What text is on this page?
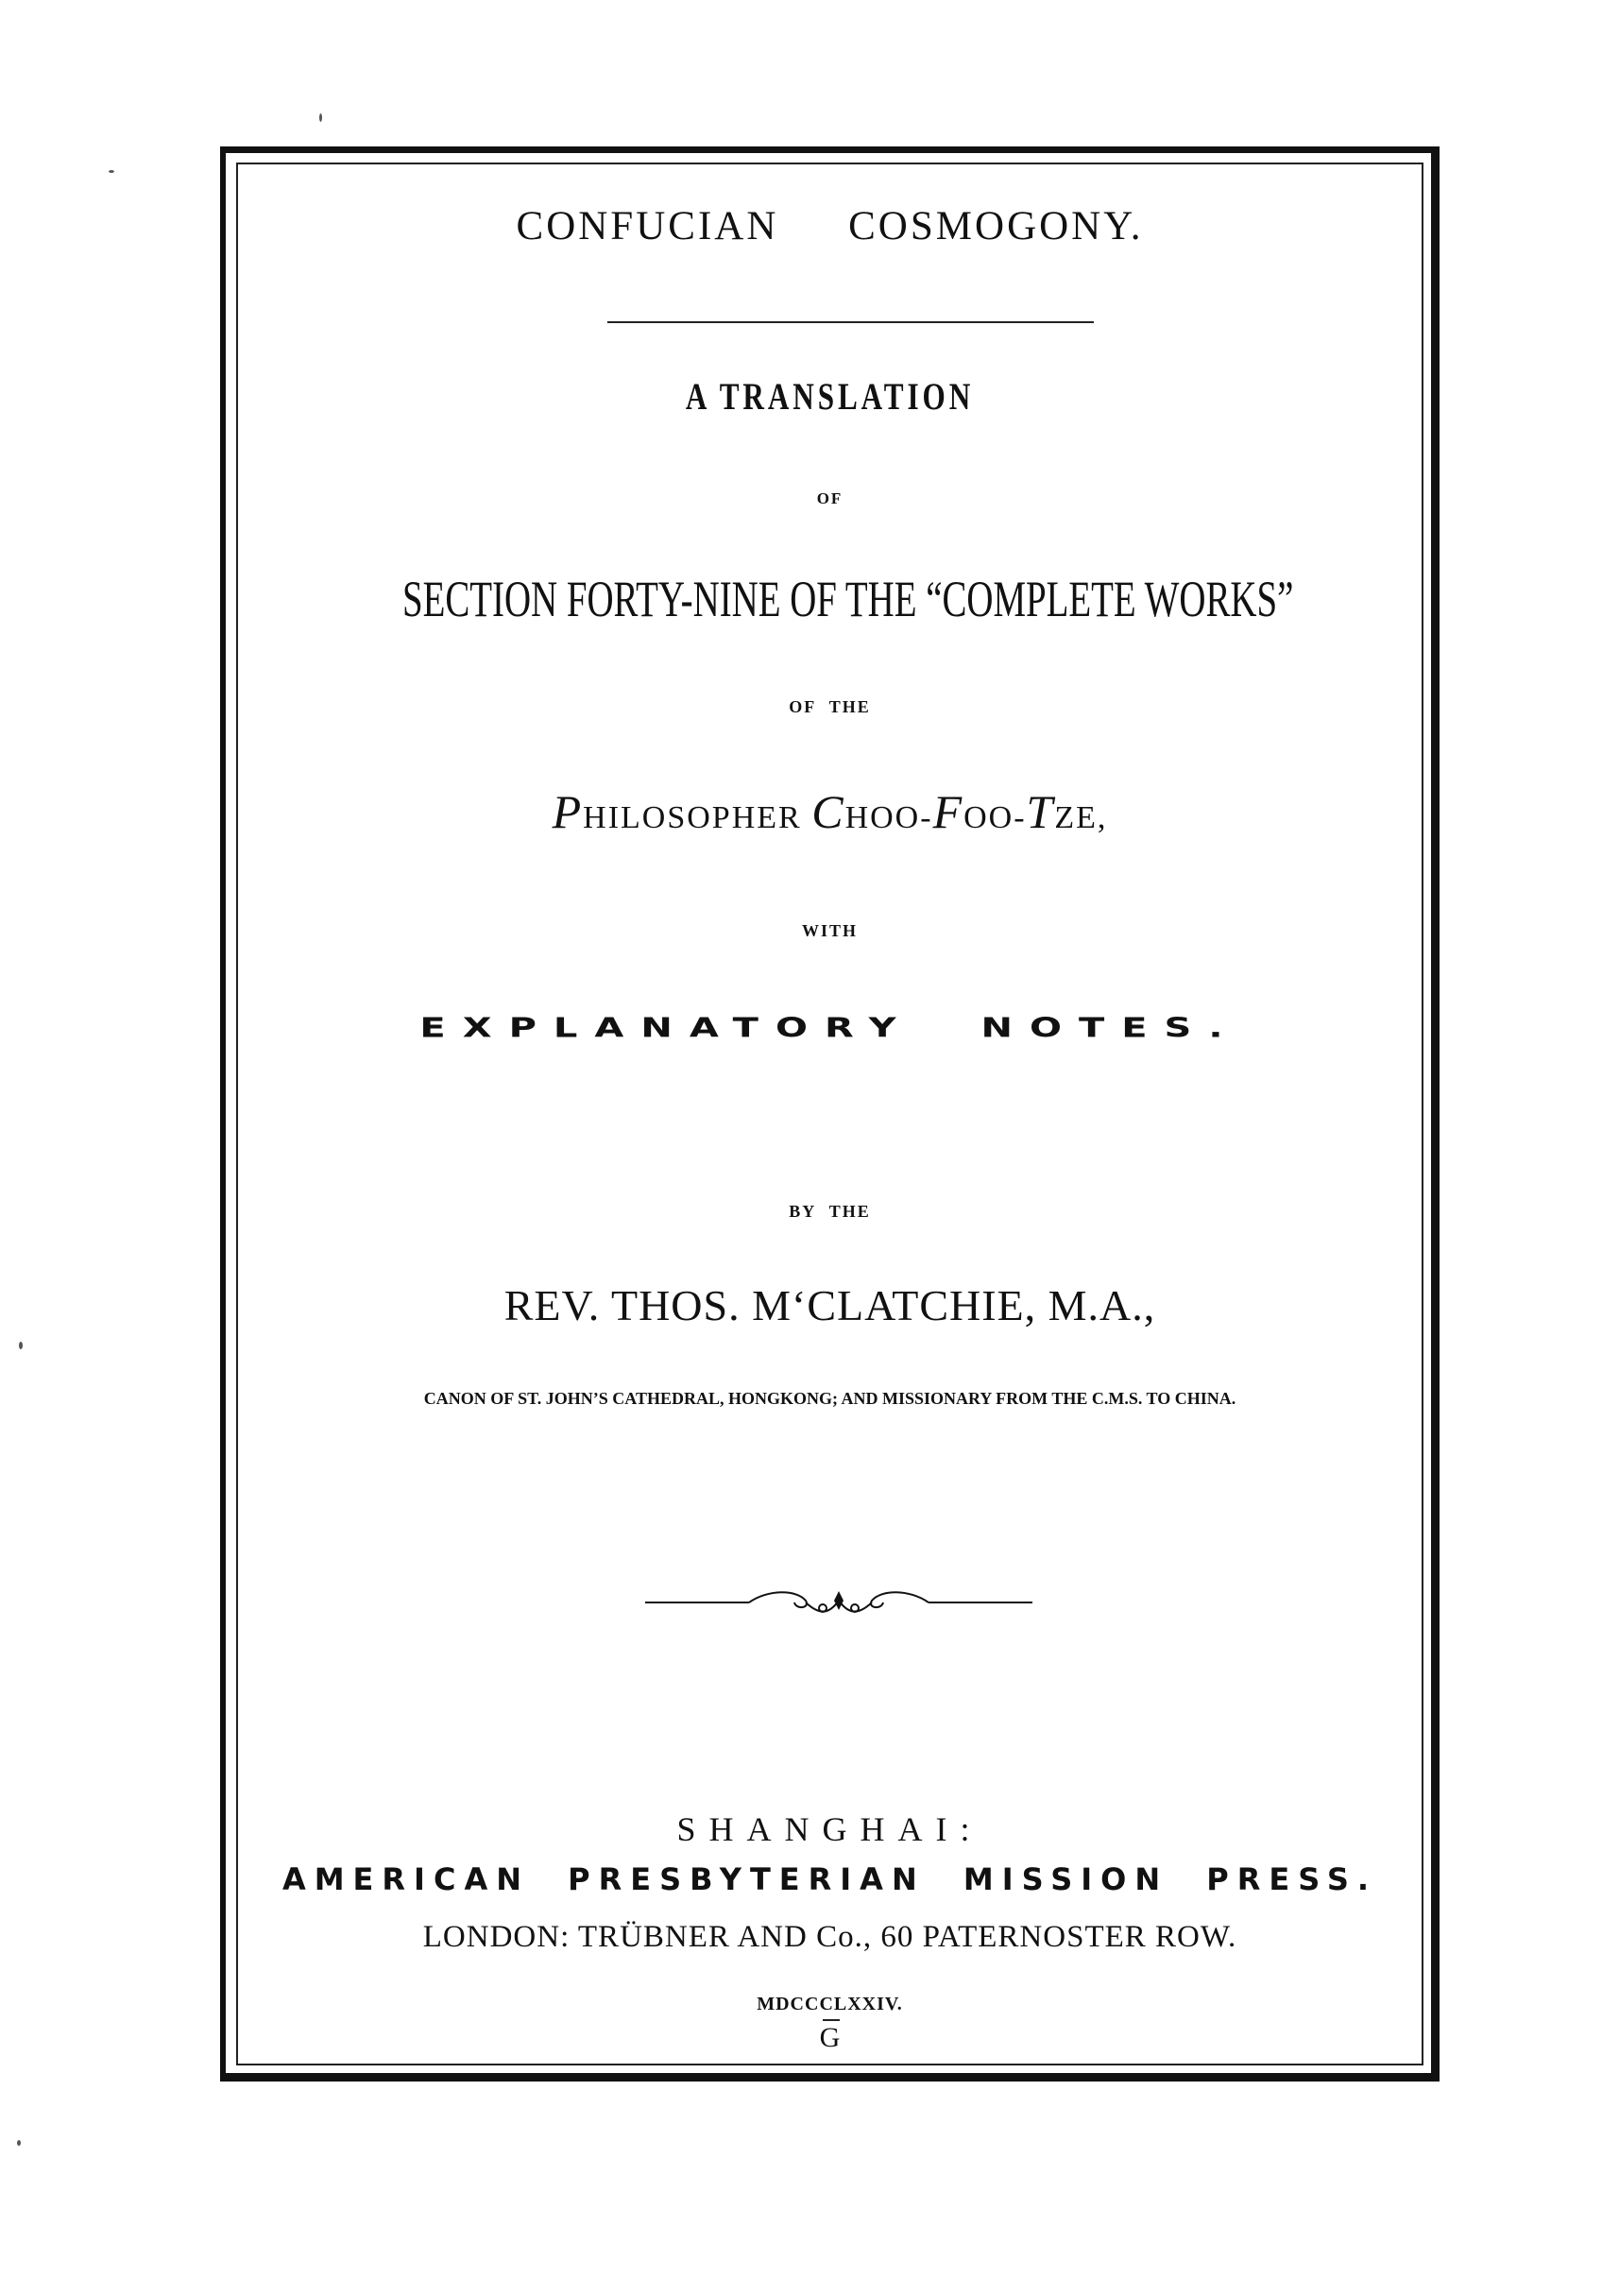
CONFUCIAN COSMOGONY.
A TRANSLATION
OF
SECTION FORTY-NINE OF THE “COMPLETE WORKS”
OF THE
PHILOSOPHER CHOO-FOO-TZE,
WITH
EXPLANATORY NOTES.
BY THE
REV. THOS. M‘CLATCHIE, M.A.,
CANON OF ST. JOHN’S CATHEDRAL, HONGKONG; AND MISSIONARY FROM THE C.M.S. TO CHINA.
SHANGHAI:
AMERICAN PRESBYTERIAN MISSION PRESS.
LONDON: TRÜBNER AND Co., 60 PATERNOSTER ROW.
MDCCCLXXIV.
G
